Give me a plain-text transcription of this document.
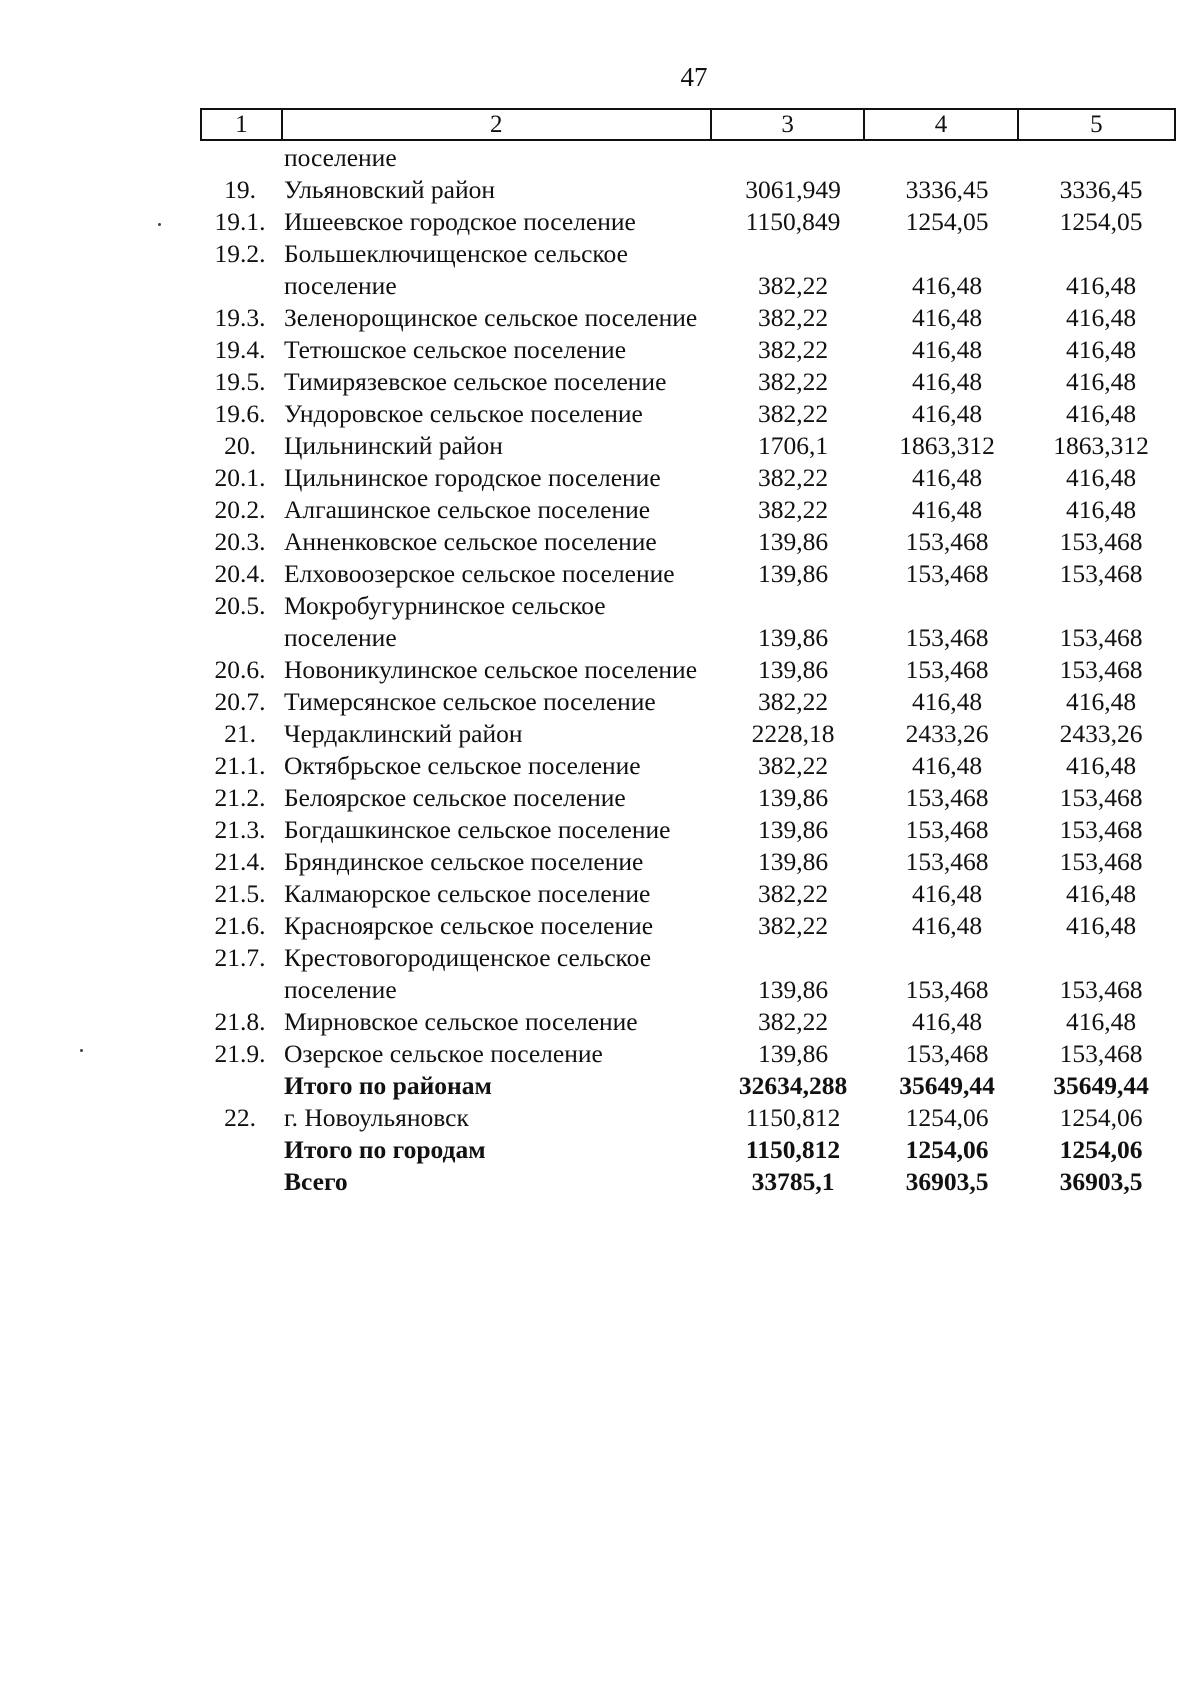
47
1	2	3	4	5
поселение
19.	Ульяновский район	3061,949	3336,45	3336,45
19.1. Ишеевское городское поселение	1150,849	1254,05	1254,05
19.2. Большеключищенское сельское поселение	382,22	416,48	416,48
19.3. Зеленорощинское сельское поселение	382,22	416,48	416,48
19.4. Тетюшское сельское поселение	382,22	416,48	416,48
19.5. Тимирязевское сельское поселение	382,22	416,48	416,48
19.6. Ундоровское сельское поселение	382,22	416,48	416,48
20.	Цильнинский район	1706,1	1863,312	1863,312
20.1. Цильнинское городское поселение	382,22	416,48	416,48
20.2. Алгашинское сельское поселение	382,22	416,48	416,48
20.3. Анненковское сельское поселение	139,86	153,468	153,468
20.4. Елховоозерское сельское поселение	139,86	153,468	153,468
20.5. Мокробугурнинское сельское поселение	139,86	153,468	153,468
20.6. Новоникулинское сельское поселение	139,86	153,468	153,468
20.7. Тимерсянское сельское поселение	382,22	416,48	416,48
21.	Чердаклинский район	2228,18	2433,26	2433,26
21.1. Октябрьское сельское поселение	382,22	416,48	416,48
21.2. Белоярское сельское поселение	139,86	153,468	153,468
21.3. Богдашкинское сельское поселение	139,86	153,468	153,468
21.4. Бряндинское сельское поселение	139,86	153,468	153,468
21.5. Калмаюрское сельское поселение	382,22	416,48	416,48
21.6. Красноярское сельское поселение	382,22	416,48	416,48
21.7. Крестовогородищенское сельское поселение	139,86	153,468	153,468
21.8. Мирновское сельское поселение	382,22	416,48	416,48
21.9. Озерское сельское поселение	139,86	153,468	153,468
Итого по районам	32634,288	35649,44	35649,44
22.	г. Новоульяновск	1150,812	1254,06	1254,06
Итого по городам	1150,812	1254,06	1254,06
Всего	33785,1	36903,5	36903,5
